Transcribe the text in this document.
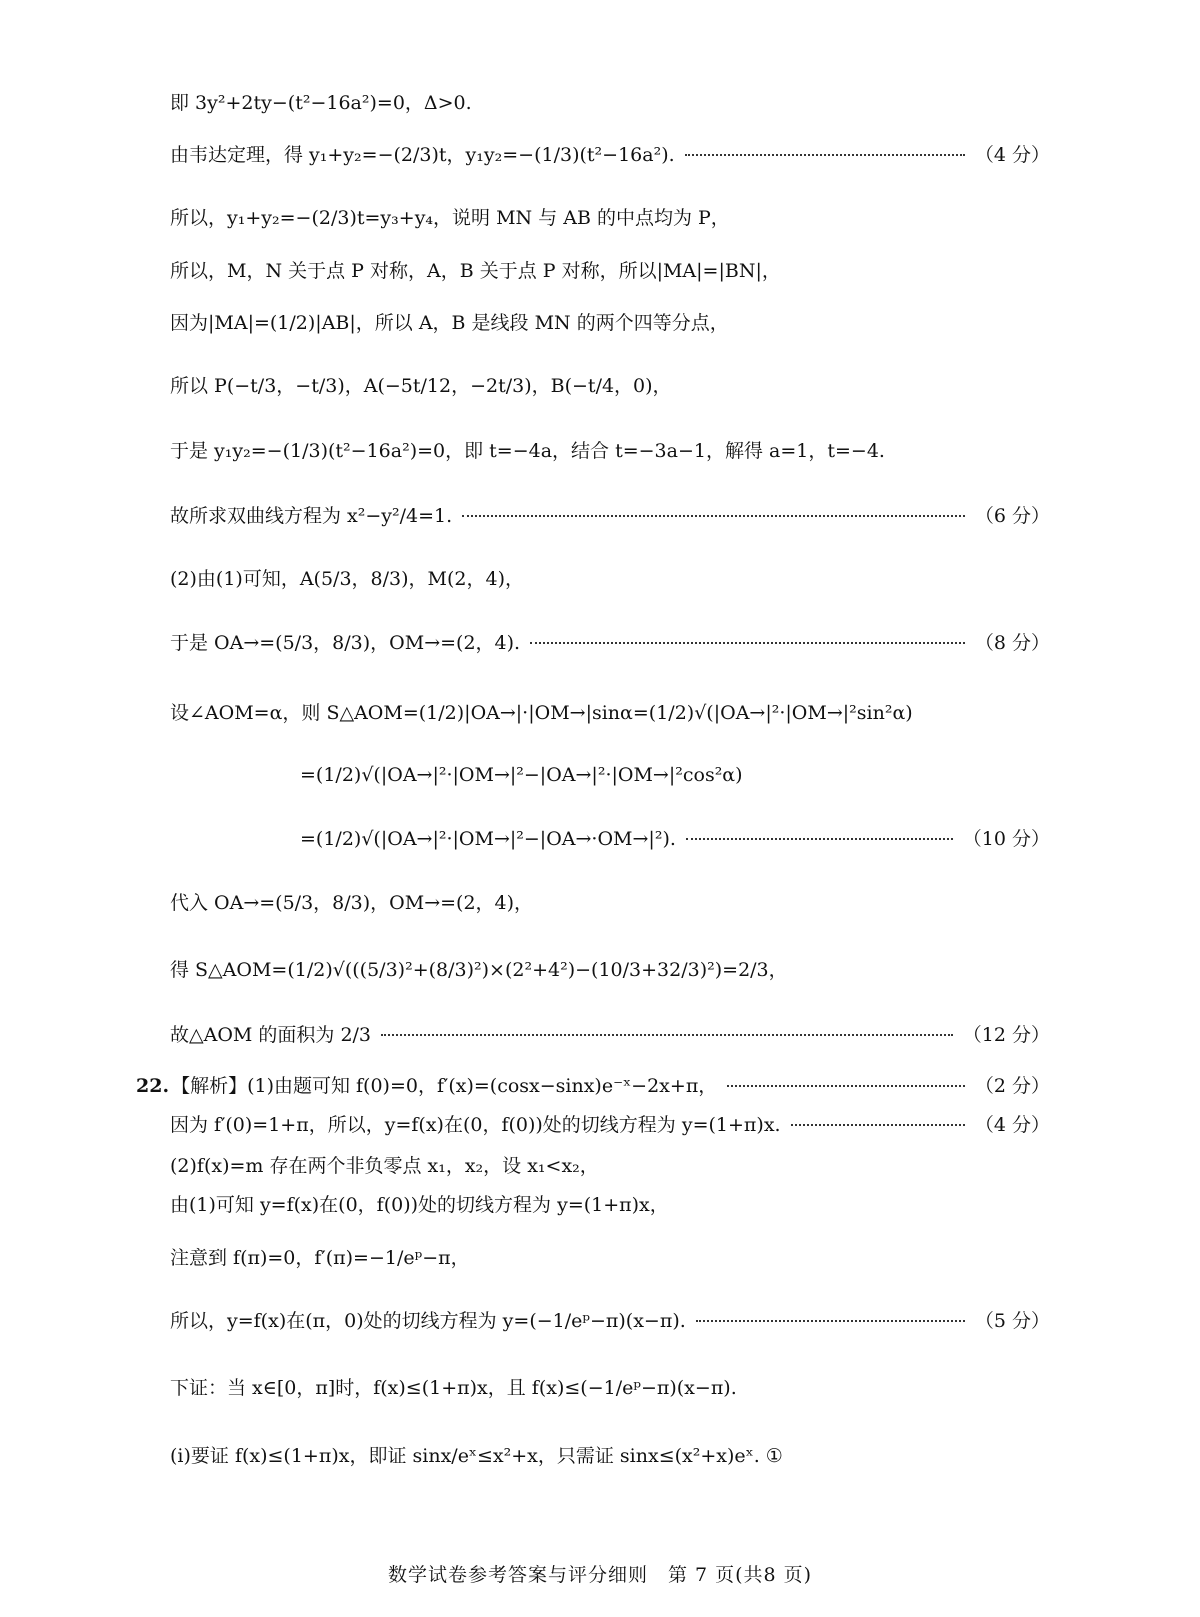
即 3y²+2ty−(t²−16a²)=0，Δ>0.
由韦达定理，得 y₁+y₂=−(2/3)t，y₁y₂=−(1/3)(t²−16a²).	（4 分）
所以，y₁+y₂=−(2/3)t=y₃+y₄，说明 MN 与 AB 的中点均为 P，
所以，M，N 关于点 P 对称，A，B 关于点 P 对称，所以|MA|=|BN|，
因为|MA|=(1/2)|AB|，所以 A，B 是线段 MN 的两个四等分点，
所以 P(−t/3，−t/3)，A(−5t/12，−2t/3)，B(−t/4，0)，
于是 y₁y₂=−(1/3)(t²−16a²)=0，即 t=−4a，结合 t=−3a−1，解得 a=1，t=−4.
故所求双曲线方程为 x²−y²/4=1.	（6 分）
(2)由(1)可知，A(5/3，8/3)，M(2，4)，
于是 OA→=(5/3，8/3)，OM→=(2，4).	（8 分）
设∠AOM=α，则 S△AOM=(1/2)|OA→|·|OM→|sinα=(1/2)√(|OA→|²·|OM→|²sin²α)
=(1/2)√(|OA→|²·|OM→|²−|OA→|²·|OM→|²cos²α)
=(1/2)√(|OA→|²·|OM→|²−|OA→·OM→|²).	（10 分）
代入 OA→=(5/3，8/3)，OM→=(2，4)，
得 S△AOM=(1/2)√(((5/3)²+(8/3)²)×(2²+4²)−(10/3+32/3)²)=2/3，
故△AOM 的面积为 2/3	（12 分）
22. 【解析】(1)由题可知 f(0)=0，f′(x)=(cosx−sinx)e⁻ˣ−2x+π，	（2 分）
因为 f′(0)=1+π，所以，y=f(x)在(0，f(0))处的切线方程为 y=(1+π)x.	（4 分）
(2)f(x)=m 存在两个非负零点 x₁，x₂，设 x₁<x₂，
由(1)可知 y=f(x)在(0，f(0))处的切线方程为 y=(1+π)x，
注意到 f(π)=0，f′(π)=−1/eᵖ−π，
所以，y=f(x)在(π，0)处的切线方程为 y=(−1/eᵖ−π)(x−π).	（5 分）
下证：当 x∈[0，π]时，f(x)≤(1+π)x，且 f(x)≤(−1/eᵖ−π)(x−π).
(i)要证 f(x)≤(1+π)x，即证 sinx/eˣ≤x²+x，只需证 sinx≤(x²+x)eˣ. ①
数学试卷参考答案与评分细则　第 7 页(共8 页)
